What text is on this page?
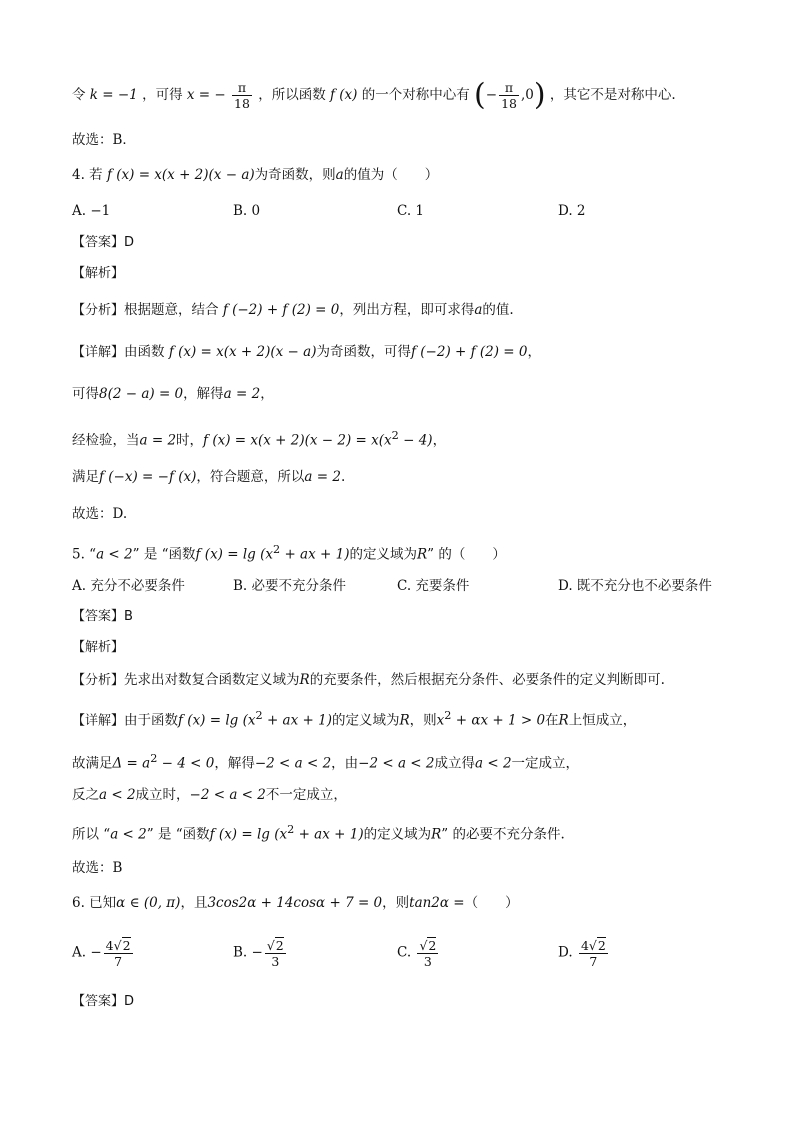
令 k = −1 ，可得 x = − $\frac{\pi}{18}$ ，所以函数 f (x) 的一个对称中心有 (− $\frac{\pi}{18} ,0$) ，其它不是对称中心.
故选：B．
4. 若 f (x) = x(x + 2)(x − a)为奇函数，则a的值为（　　）
A. −1	B. 0	C. 1	D. 2
【答案】D
【解析】
【分析】根据题意，结合 f (−2) + f (2) = 0，列出方程，即可求得a的值.
【详解】由函数 f (x) = x(x + 2)(x − a)为奇函数，可得f (−2) + f (2) = 0，
可得8(2 − a) = 0，解得a = 2，
经检验，当a = 2时，f $(x) = x(x + 2)(x - 2) = x(x^2 - 4)$，
满足f (−x) = −f (x)，符合题意，所以a = 2.
故选：D.
5. “a < 2” 是 “函数f $(x) = \lg (x^2$ + ax + 1)的定义域为R” 的（　　）
A. 充分不必要条件	B. 必要不充分条件	C. 充要条件	D. 既不充分也不必要条件
【答案】B
【解析】
【分析】先求出对数复合函数定义域为R的充要条件，然后根据充分条件、必要条件的定义判断即可.
【详解】由于函数f $(x) = \lg (x^2$ + ax + 1)的定义域为R，则$x^2 + \alpha x + 1 > 0$在R上恒成立，
故满足$\Delta = a^2 - 4 < 0$，解得−2 < a < 2，由−2 < a < 2成立得a < 2一定成立，
反之a < 2成立时，−2 < a < 2不一定成立，
所以 “a < 2” 是 “函数f $(x) = \lg (x^2$ + ax + 1)的定义域为R” 的必要不充分条件.
故选：B
6. 已知α ∈ (0, π)，且3cos2α + 14cosα + 7 = 0，则tan2α =（　　）
A. − $\frac{4√2}{7}$	B. − $\frac{√2}{3}$	C. $\frac{√2}{3}$	D. $\frac{4√2}{7}$
【答案】D
